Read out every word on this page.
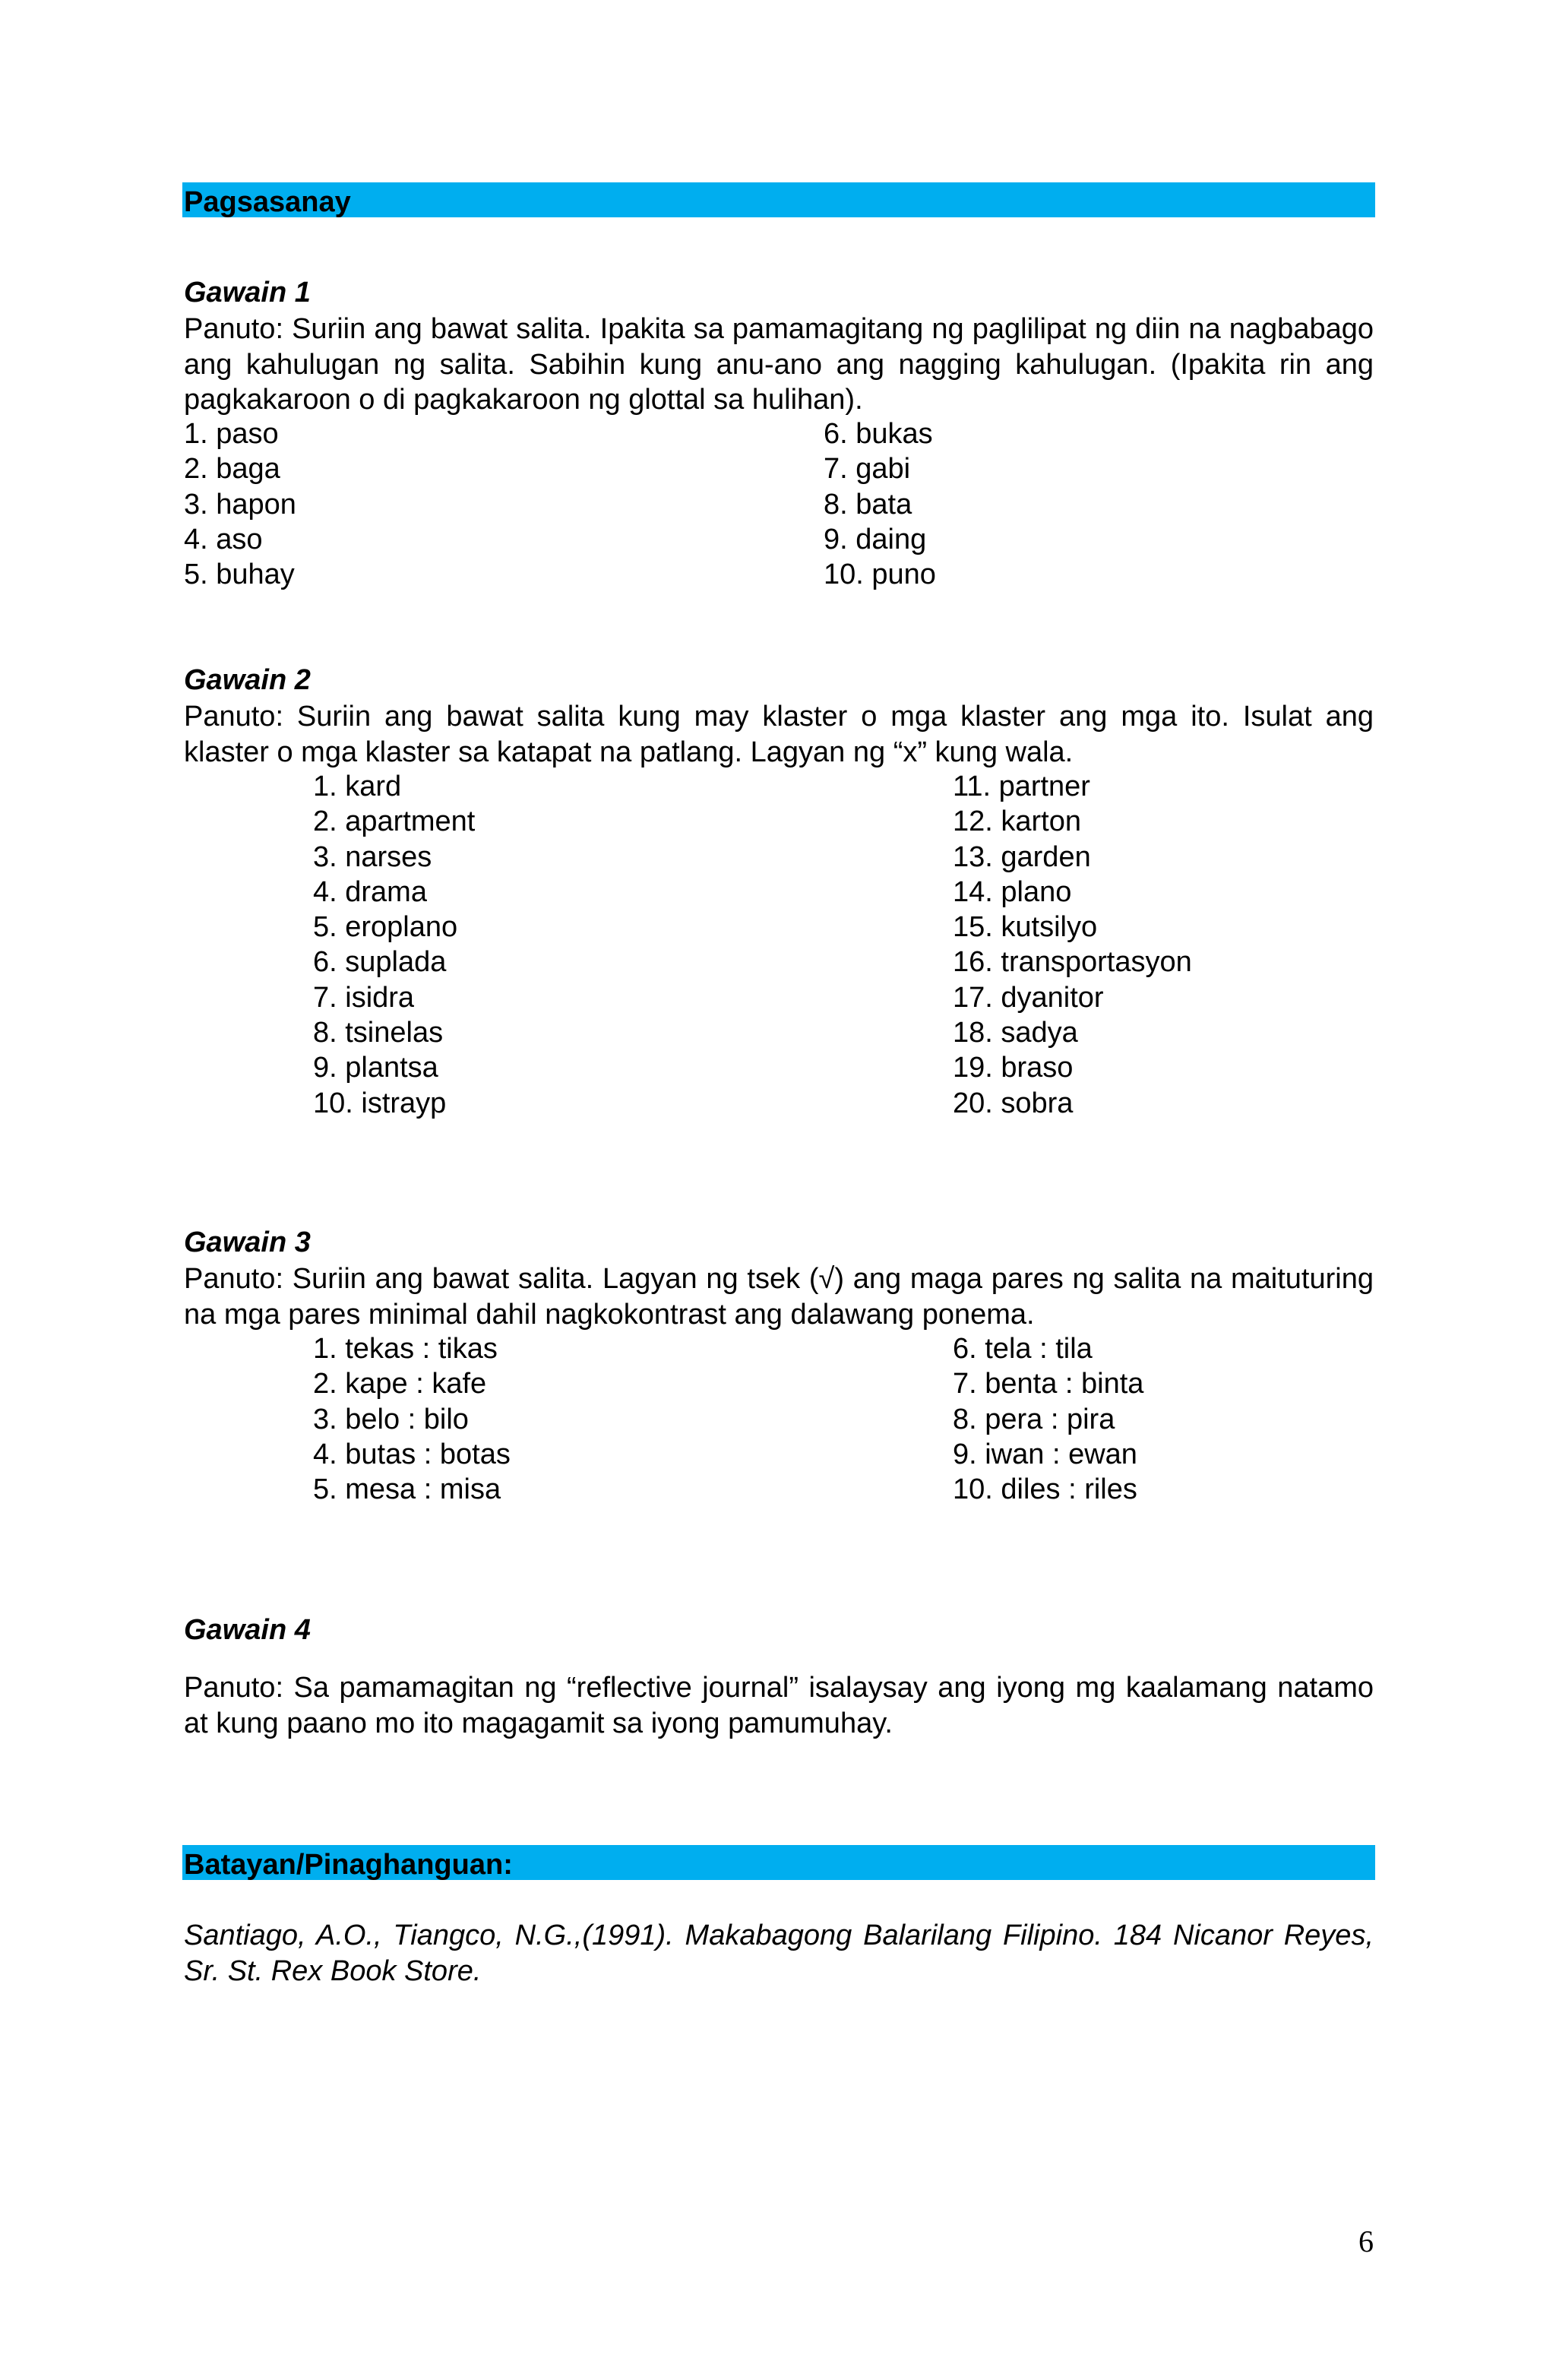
Pagsasanay
Gawain 1
Panuto: Suriin ang bawat salita. Ipakita sa pamamagitang ng paglilipat ng diin na nagbabago ang kahulugan ng salita. Sabihin kung anu-ano ang nagging kahulugan. (Ipakita rin ang pagkakaroon o di pagkakaroon ng glottal sa hulihan).
1. paso
2. baga
3. hapon
4. aso
5. buhay
6. bukas
7. gabi
8. bata
9. daing
10. puno
Gawain 2
Panuto: Suriin ang bawat salita kung may klaster o mga klaster ang mga ito. Isulat ang klaster o mga klaster sa katapat na patlang. Lagyan ng “x” kung wala.
1. kard
2. apartment
3. narses
4. drama
5. eroplano
6. suplada
7. isidra
8. tsinelas
9. plantsa
10. istrayp
11. partner
12. karton
13. garden
14. plano
15. kutsilyo
16. transportasyon
17. dyanitor
18. sadya
19. braso
20. sobra
Gawain 3
Panuto: Suriin ang bawat salita. Lagyan ng tsek (√) ang maga pares ng salita na maituturing na mga pares minimal dahil nagkokontrast ang dalawang ponema.
1. tekas : tikas
2. kape : kafe
3. belo : bilo
4. butas : botas
5. mesa : misa
6. tela : tila
7. benta : binta
8. pera : pira
9. iwan : ewan
10. diles : riles
Gawain 4
Panuto: Sa pamamagitan ng “reflective journal” isalaysay ang iyong mg kaalamang natamo at kung paano mo ito magagamit sa iyong pamumuhay.
Batayan/Pinaghanguan:
Santiago, A.O., Tiangco, N.G.,(1991). Makabagong Balarilang Filipino. 184 Nicanor Reyes, Sr. St. Rex Book Store.
6
